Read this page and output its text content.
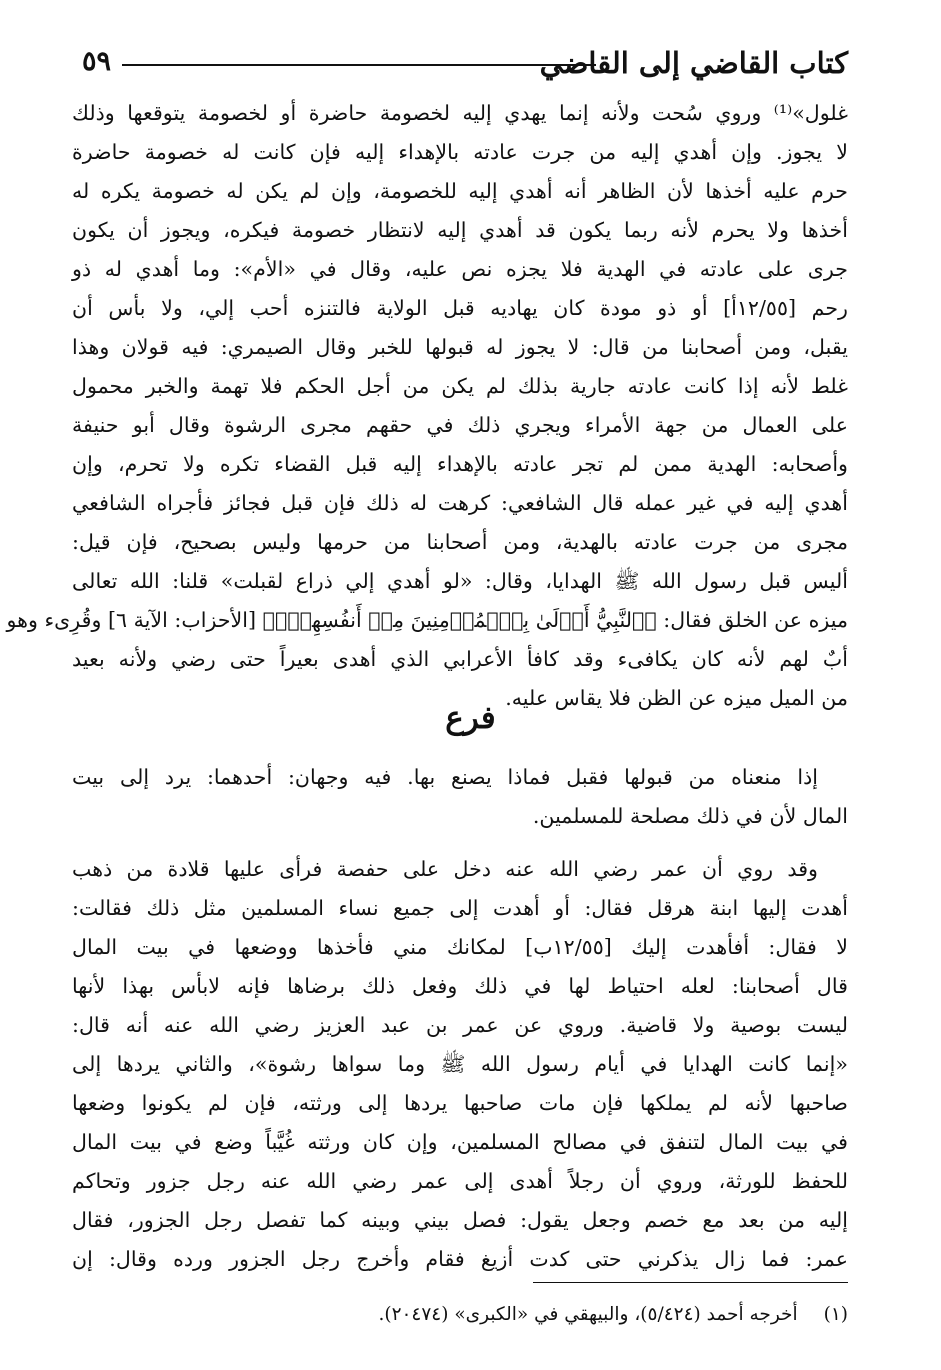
كتاب القاضي إلى القاضي
٥٩
غلول»⁽¹⁾ وروي سُحت ولأنه إنما يهدي إليه لخصومة حاضرة أو لخصومة يتوقعها وذلك
لا يجوز. وإن أهدي إليه من جرت عادته بالإهداء إليه فإن كانت له خصومة حاضرة
حرم عليه أخذها لأن الظاهر أنه أهدي إليه للخصومة، وإن لم يكن له خصومة يكره له
أخذها ولا يحرم لأنه ربما يكون قد أهدي إليه لانتظار خصومة فيكره، ويجوز أن يكون
جرى على عادته في الهدية فلا يجزه نص عليه، وقال في «الأم»: وما أهدي له ذو
رحم [١٢/٥٥أ] أو ذو مودة كان يهاديه قبل الولاية فالتنزه أحب إلي، ولا بأس أن
يقبل، ومن أصحابنا من قال: لا يجوز له قبولها للخبر وقال الصيمري: فيه قولان وهذا
غلط لأنه إذا كانت عادته جارية بذلك لم يكن من أجل الحكم فلا تهمة والخبر محمول
على العمال من جهة الأمراء ويجري ذلك في حقهم مجرى الرشوة وقال أبو حنيفة
وأصحابه: الهدية ممن لم تجر عادته بالإهداء إليه قبل القضاء تكره ولا تحرم، وإن
أهدي إليه في غير عمله قال الشافعي: كرهت له ذلك فإن قبل فجائز فأجراه الشافعي
مجرى من جرت عادته بالهدية، ومن أصحابنا من حرمها وليس بصحيح، فإن قيل:
أليس قبل رسول الله ﷺ الهدايا، وقال: «لو أهدي إلي ذراع لقبلت» قلنا: الله تعالى
ميزه عن الخلق فقال: ﴿ٱلنَّبِيُّ أَوۡلَىٰ بِٱلۡمُؤۡمِنِينَ مِنۡ أَنفُسِهِمۡۖ﴾ [الأحزاب: الآية ٦] وقُرِىء وهو
أبٌ لهم لأنه كان يكافىء وقد كافأ الأعرابي الذي أهدى بعيراً حتى رضي ولأنه بعيد
من الميل ميزه عن الظن فلا يقاس عليه.
فرع
إذا منعناه من قبولها فقبل فماذا يصنع بها. فيه وجهان: أحدهما: يرد إلى بيت
المال لأن في ذلك مصلحة للمسلمين.
وقد روي أن عمر رضي الله عنه دخل على حفصة فرأى عليها قلادة من ذهب
أهدت إليها ابنة هرقل فقال: أو أهدت إلى جميع نساء المسلمين مثل ذلك فقالت:
لا فقال: أفأهدت إليك [١٢/٥٥ب] لمكانك مني فأخذها ووضعها في بيت المال
قال أصحابنا: لعله احتياط لها في ذلك وفعل ذلك برضاها فإنه لابأس بهذا لأنها
ليست بوصية ولا قاضية. وروي عن عمر بن عبد العزيز رضي الله عنه أنه قال:
«إنما كانت الهدايا في أيام رسول الله ﷺ وما سواها رشوة»، والثاني يردها إلى
صاحبها لأنه لم يملكها فإن مات صاحبها يردها إلى ورثته، فإن لم يكونوا وضعها
في بيت المال لتنفق في مصالح المسلمين، وإن كان ورثته غُيَّباً وضع في بيت المال
للحفظ للورثة، وروي أن رجلاً أهدى إلى عمر رضي الله عنه رجل جزور وتحاكم
إليه من بعد مع خصم وجعل يقول: فصل بيني وبينه كما تفصل رجل الجزور، فقال
عمر: فما زال يذكرني حتى كدت أزيغ فقام وأخرج رجل الجزور ورده وقال: إن
(١)أخرجه أحمد (٥/٤٢٤)، والبيهقي في «الكبرى» (٢٠٤٧٤).
